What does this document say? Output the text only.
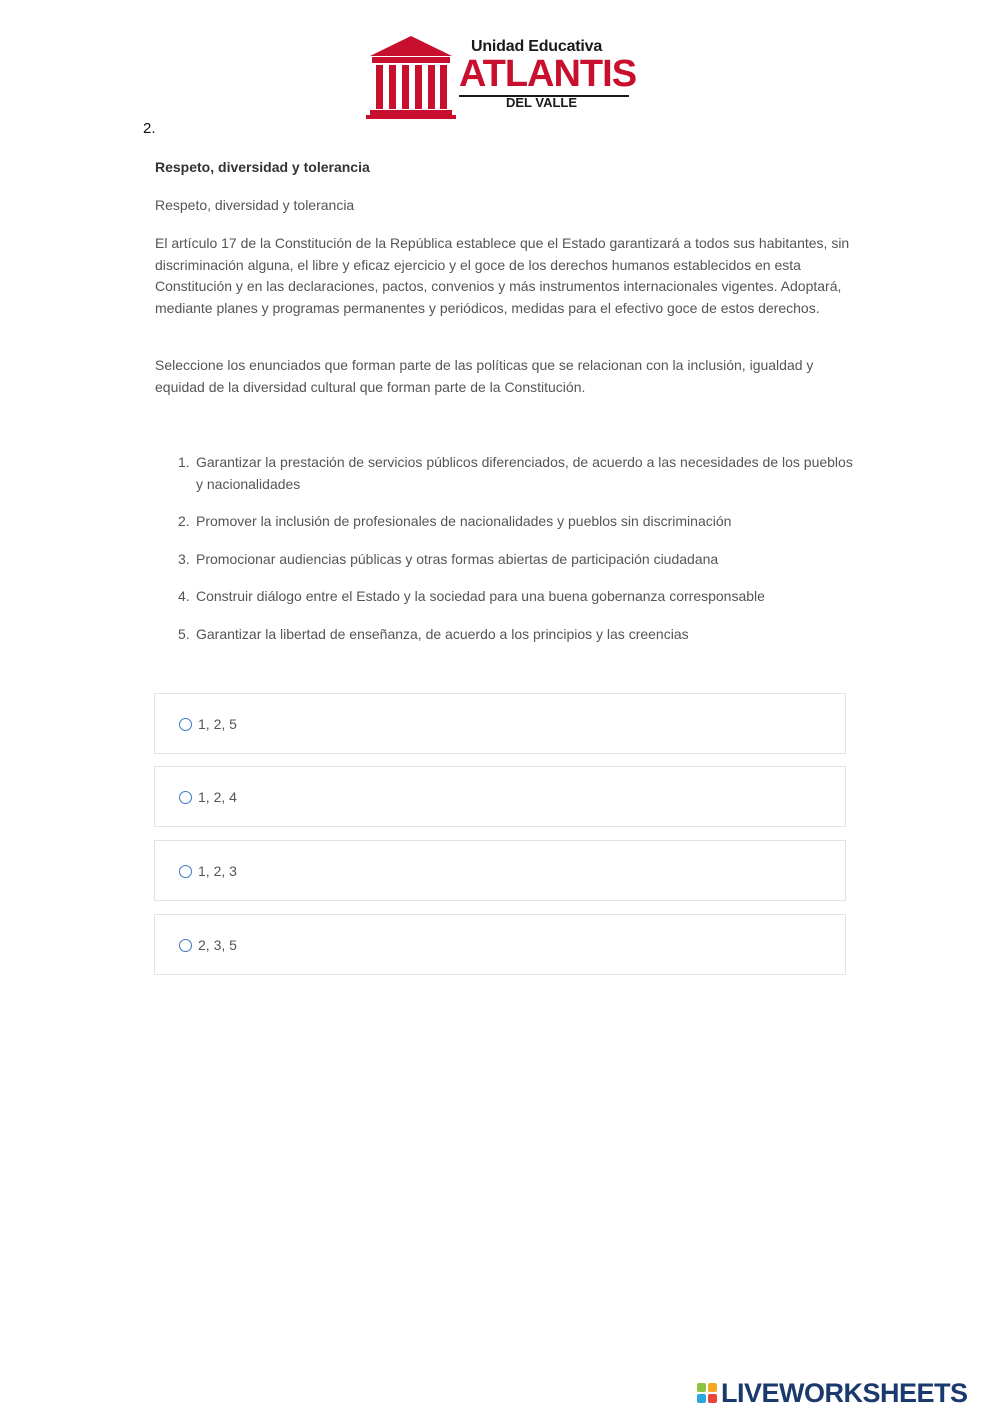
Unidad Educativa
ATLANTIS
DEL VALLE
2.
Respeto, diversidad y tolerancia
Respeto, diversidad y tolerancia

El artículo 17 de la Constitución de la República establece que el Estado garantizará a todos sus habitantes, sin discriminación alguna, el libre y eficaz ejercicio y el goce de los derechos humanos establecidos en esta Constitución y en las declaraciones, pactos, convenios y más instrumentos internacionales vigentes. Adoptará, mediante planes y programas permanentes y periódicos, medidas para el efectivo goce de estos derechos.

Seleccione los enunciados que forman parte de las políticas que se relacionan con la inclusión, igualdad y equidad de la diversidad cultural que forman parte de la Constitución.

1. Garantizar la prestación de servicios públicos diferenciados, de acuerdo a las necesidades de los pueblos y nacionalidades
2. Promover la inclusión de profesionales de nacionalidades y pueblos sin discriminación
3. Promocionar audiencias públicas y otras formas abiertas de participación ciudadana
4. Construir diálogo entre el Estado y la sociedad para una buena gobernanza corresponsable
5. Garantizar la libertad de enseñanza, de acuerdo a los principios y las creencias
1, 2, 5
1, 2, 4
1, 2, 3
2, 3, 5
LIVEWORKSHEETS
